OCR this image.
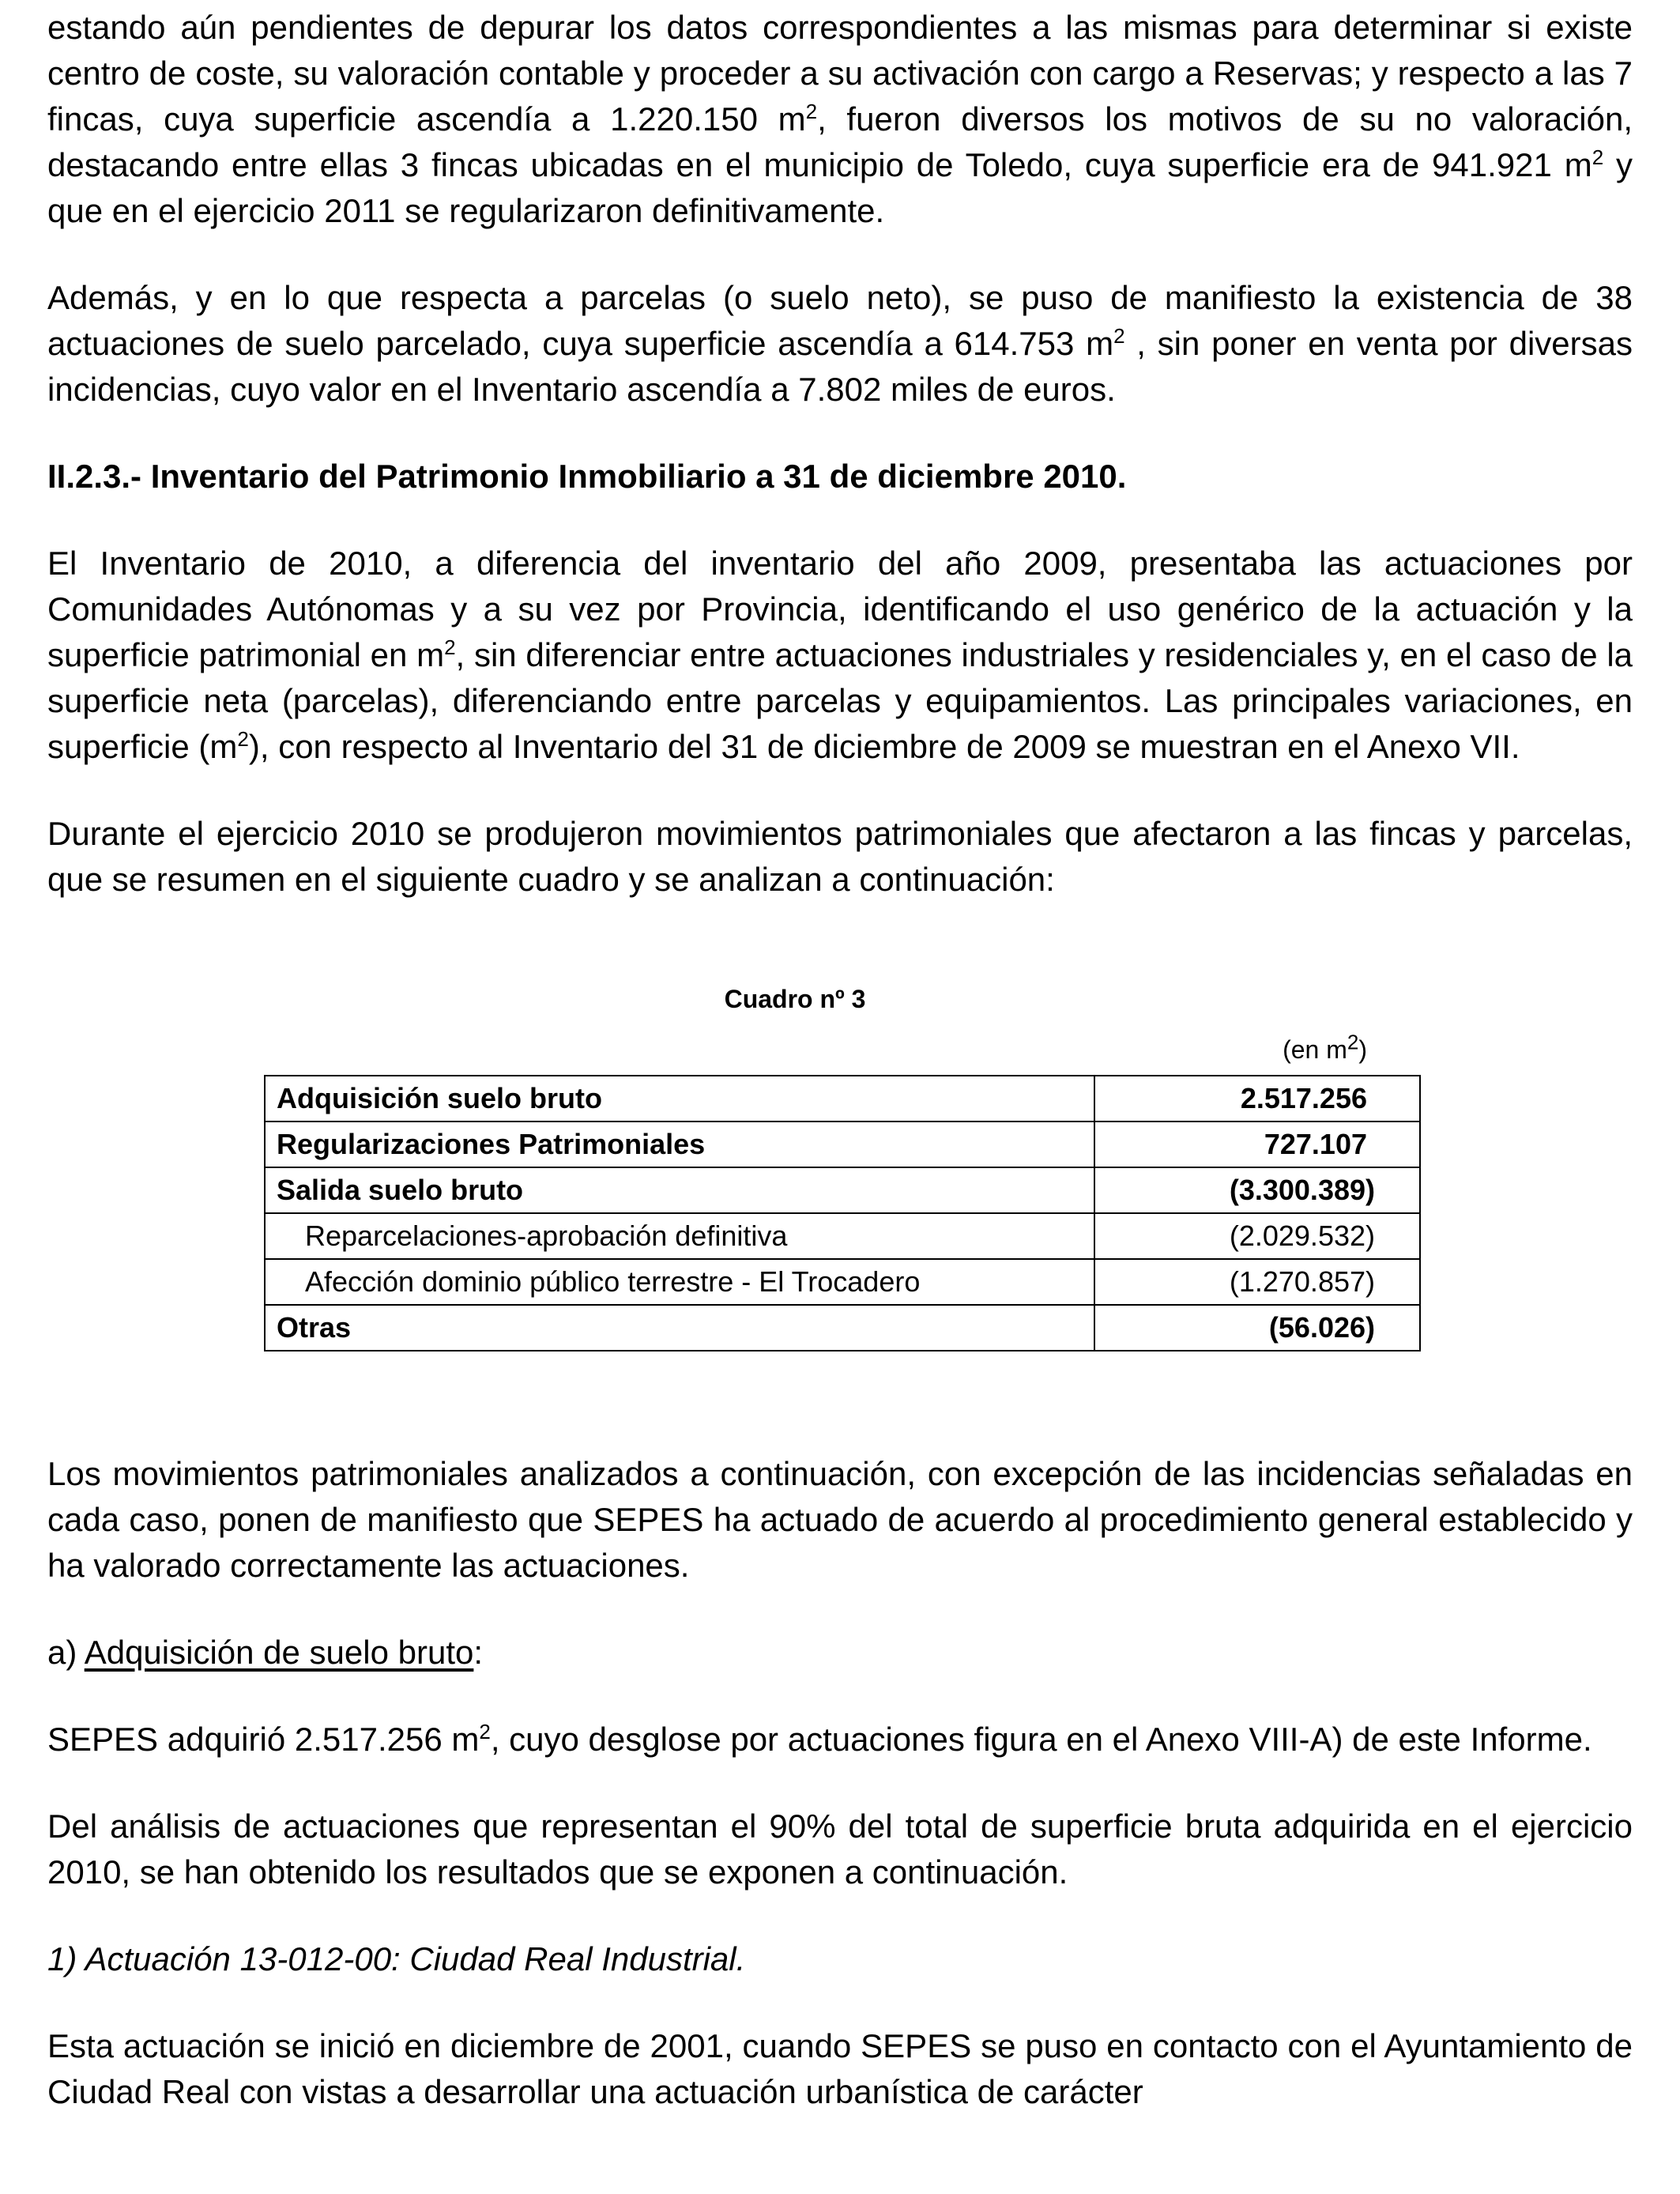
estando aún pendientes de depurar los datos correspondientes a las mismas para determinar si existe centro de coste, su valoración contable y proceder a su activación con cargo a Reservas; y respecto a las 7 fincas, cuya superficie ascendía a 1.220.150 $m^2$, fueron diversos los motivos de su no valoración, destacando entre ellas 3 fincas ubicadas en el municipio de Toledo, cuya superficie era de 941.921 $m^2$ y que en el ejercicio 2011 se regularizaron definitivamente.

Además, y en lo que respecta a parcelas (o suelo neto), se puso de manifiesto la existencia de 38 actuaciones de suelo parcelado, cuya superficie ascendía a 614.753 $m^2$ , sin poner en venta por diversas incidencias, cuyo valor en el Inventario ascendía a 7.802 miles de euros.

II.2.3.- Inventario del Patrimonio Inmobiliario a 31 de diciembre 2010.

El Inventario de 2010, a diferencia del inventario del año 2009, presentaba las actuaciones por Comunidades Autónomas y a su vez por Provincia, identificando el uso genérico de la actuación y la superficie patrimonial en $m^2$, sin diferenciar entre actuaciones industriales y residenciales y, en el caso de la superficie neta (parcelas), diferenciando entre parcelas y equipamientos. Las principales variaciones, en superficie $(m^2)$, con respecto al Inventario del 31 de diciembre de 2009 se muestran en el Anexo VII.

Durante el ejercicio 2010 se produjeron movimientos patrimoniales que afectaron a las fincas y parcelas, que se resumen en el siguiente cuadro y se analizan a continuación:

Cuadro nº 3
(en $m^2$)
Adquisición suelo bruto	2.517.256
Regularizaciones Patrimoniales	727.107
Salida suelo bruto	(3.300.389)
Reparcelaciones-aprobación definitiva	(2.029.532)
Afección dominio público terrestre - El Trocadero	(1.270.857)
Otras	(56.026)

Los movimientos patrimoniales analizados a continuación, con excepción de las incidencias señaladas en cada caso, ponen de manifiesto que SEPES ha actuado de acuerdo al procedimiento general establecido y ha valorado correctamente las actuaciones.

a) Adquisición de suelo bruto:

SEPES adquirió 2.517.256 $m^2$, cuyo desglose por actuaciones figura en el Anexo VIII-A) de este Informe.

Del análisis de actuaciones que representan el 90% del total de superficie bruta adquirida en el ejercicio 2010, se han obtenido los resultados que se exponen a continuación.

1) Actuación 13-012-00: Ciudad Real Industrial.

Esta actuación se inició en diciembre de 2001, cuando SEPES se puso en contacto con el Ayuntamiento de Ciudad Real con vistas a desarrollar una actuación urbanística de carácter
